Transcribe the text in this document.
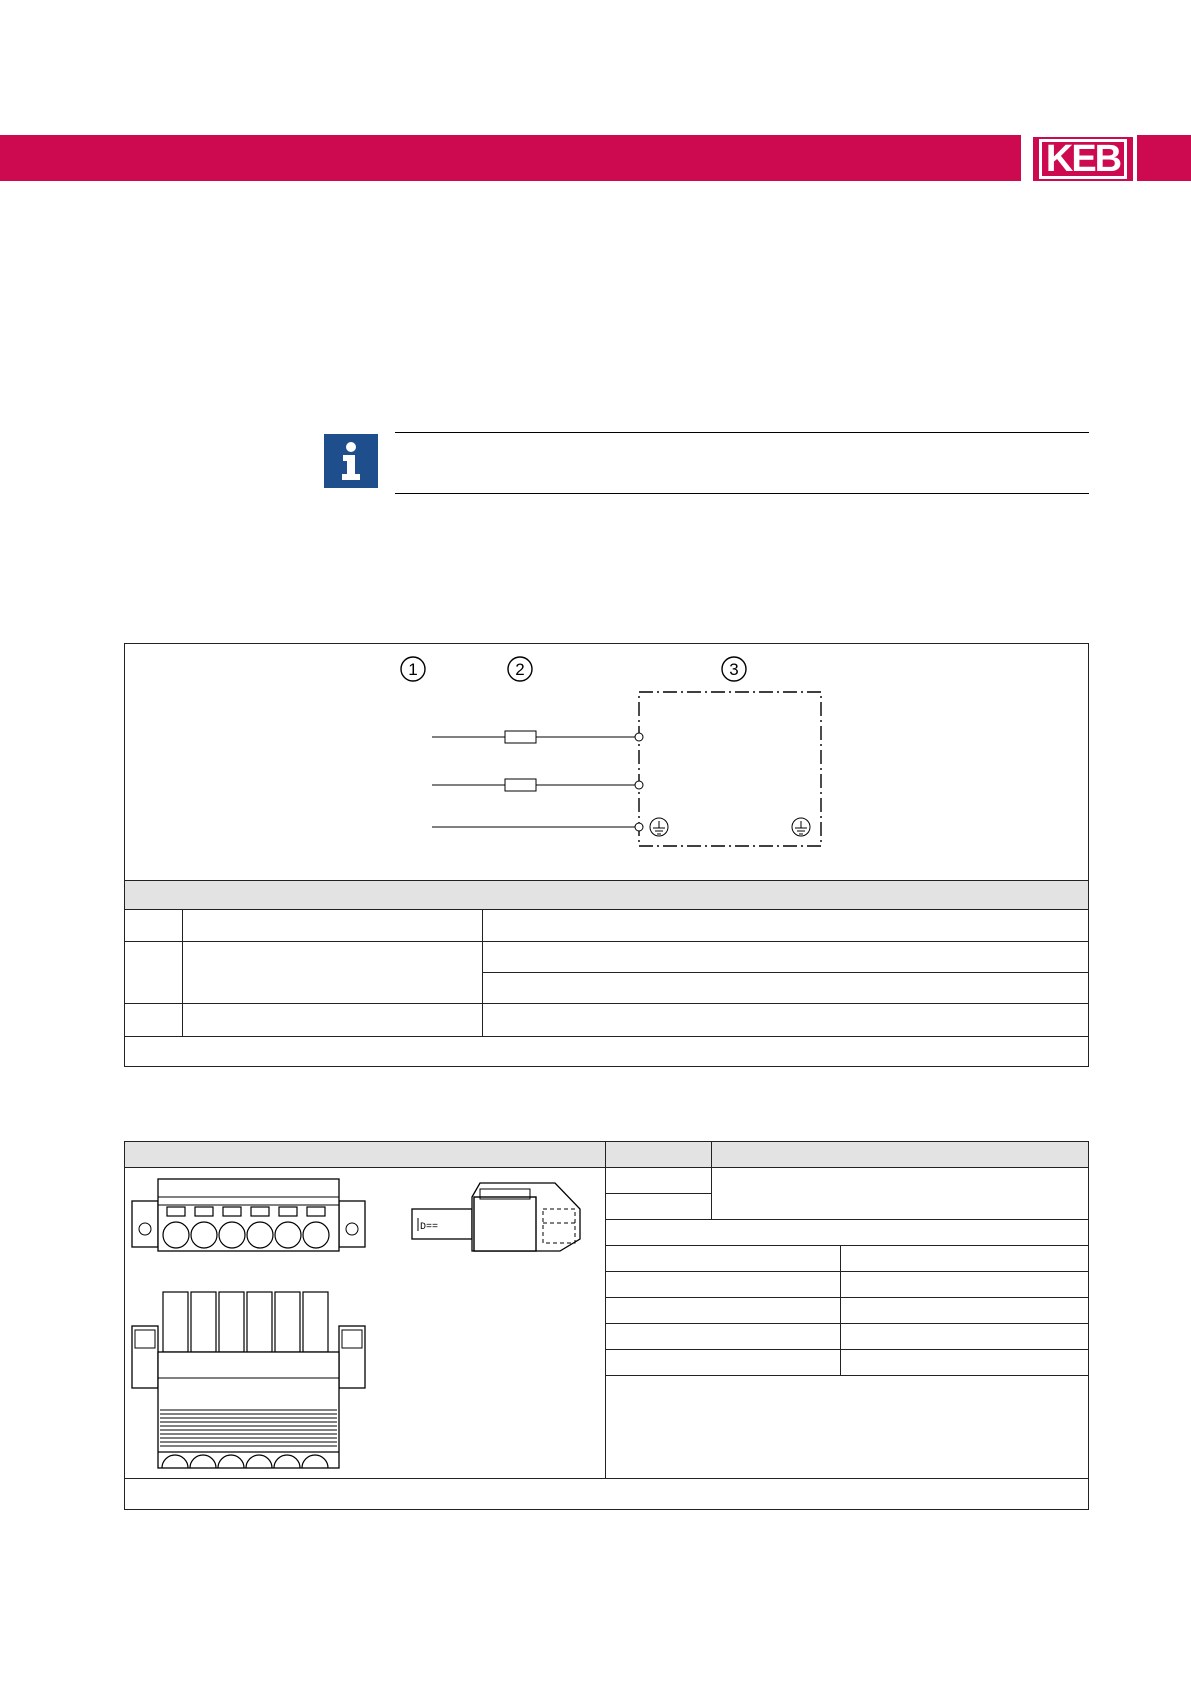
KEB
1	2	3
D==
